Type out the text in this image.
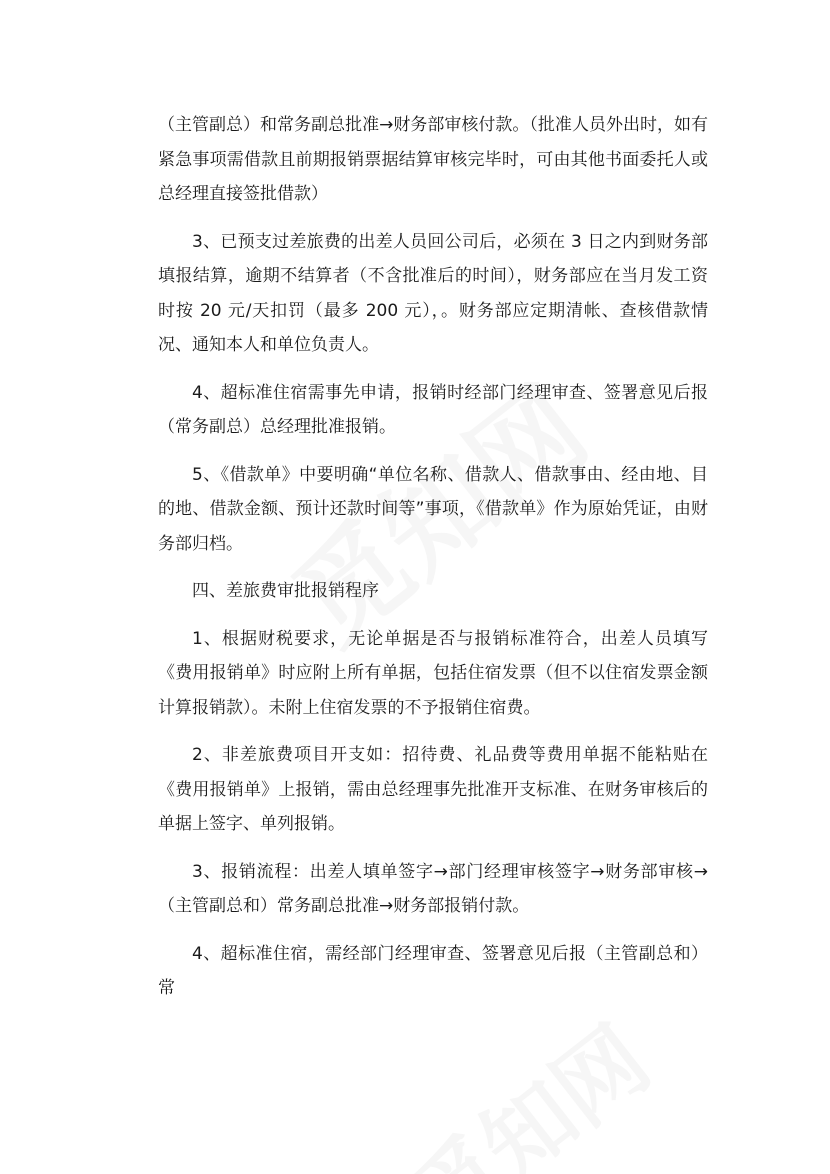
（主管副总）和常务副总批准→财务部审核付款。（批准人员外出时，如有紧急事项需借款且前期报销票据结算审核完毕时，可由其他书面委托人或总经理直接签批借款）

3、已预支过差旅费的出差人员回公司后，必须在 3 日之内到财务部填报结算，逾期不结算者（不含批准后的时间），财务部应在当月发工资时按 20 元/天扣罚（最多 200 元），。财务部应定期清帐、查核借款情况、通知本人和单位负责人。

4、超标准住宿需事先申请，报销时经部门经理审查、签署意见后报（常务副总）总经理批准报销。

5、《借款单》中要明确“单位名称、借款人、借款事由、经由地、目的地、借款金额、预计还款时间等”事项，《借款单》作为原始凭证，由财务部归档。

四、差旅费审批报销程序

1、根据财税要求，无论单据是否与报销标准符合，出差人员填写《费用报销单》时应附上所有单据，包括住宿发票（但不以住宿发票金额计算报销款）。未附上住宿发票的不予报销住宿费。

2、非差旅费项目开支如：招待费、礼品费等费用单据不能粘贴在《费用报销单》上报销，需由总经理事先批准开支标准、在财务审核后的单据上签字、单列报销。

3、报销流程：出差人填单签字→部门经理审核签字→财务部审核→（主管副总和）常务副总批准→财务部报销付款。

4、超标准住宿，需经部门经理审查、签署意见后报（主管副总和）常
